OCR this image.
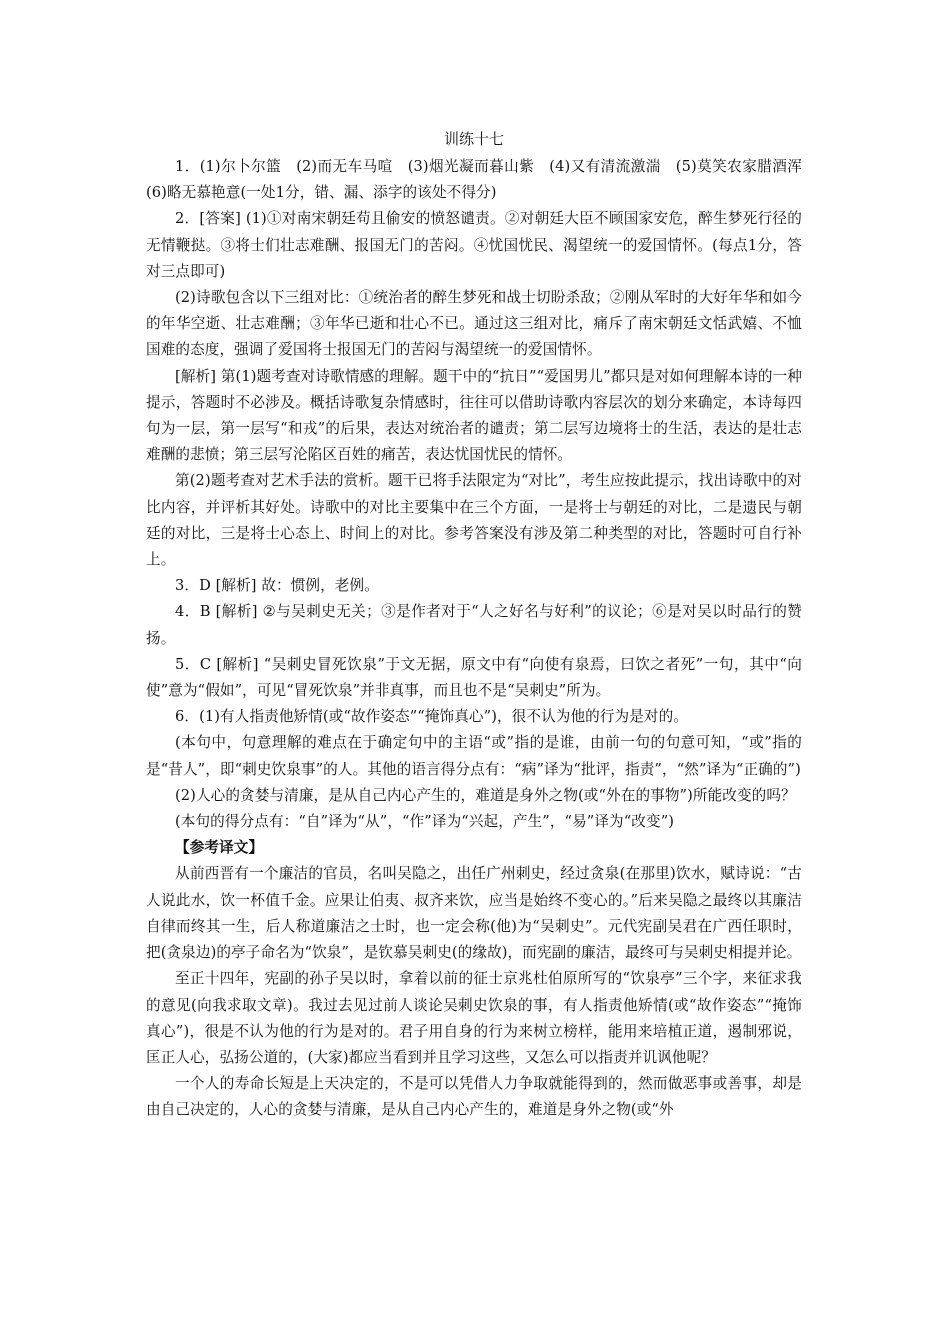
训练十七

1．(1)尔卜尔篮　(2)而无车马喧　(3)烟光凝而暮山紫　(4)又有清流激湍　(5)莫笑农家腊酒浑　(6)略无慕艳意(一处1分，错、漏、添字的该处不得分)

2．[答案] (1)①对南宋朝廷苟且偷安的愤怒谴责。②对朝廷大臣不顾国家安危，醉生梦死行径的无情鞭挞。③将士们壮志难酬、报国无门的苦闷。④忧国忧民、渴望统一的爱国情怀。(每点1分，答对三点即可)

(2)诗歌包含以下三组对比：①统治者的醉生梦死和战士切盼杀敌；②刚从军时的大好年华和如今的年华空逝、壮志难酬；③年华已逝和壮心不已。通过这三组对比，痛斥了南宋朝廷文恬武嬉、不恤国难的态度，强调了爱国将士报国无门的苦闷与渴望统一的爱国情怀。

[解析] 第(1)题考查对诗歌情感的理解。题干中的“抗日”“爱国男儿”都只是对如何理解本诗的一种提示，答题时不必涉及。概括诗歌复杂情感时，往往可以借助诗歌内容层次的划分来确定，本诗每四句为一层，第一层写“和戎”的后果，表达对统治者的谴责；第二层写边境将士的生活，表达的是壮志难酬的悲愤；第三层写沦陷区百姓的痛苦，表达忧国忧民的情怀。

第(2)题考查对艺术手法的赏析。题干已将手法限定为“对比”，考生应按此提示，找出诗歌中的对比内容，并评析其好处。诗歌中的对比主要集中在三个方面，一是将士与朝廷的对比，二是遗民与朝廷的对比，三是将士心态上、时间上的对比。参考答案没有涉及第二种类型的对比，答题时可自行补上。

3．D [解析] 故：惯例，老例。

4．B [解析] ②与吴刺史无关；③是作者对于“人之好名与好利”的议论；⑥是对吴以时品行的赞扬。

5．C [解析] “吴刺史冒死饮泉”于文无据，原文中有“向使有泉焉，曰饮之者死”一句，其中“向使”意为“假如”，可见“冒死饮泉”并非真事，而且也不是“吴刺史”所为。

6．(1)有人指责他矫情(或“故作姿态”“掩饰真心”)，很不认为他的行为是对的。

(本句中，句意理解的难点在于确定句中的主语“或”指的是谁，由前一句的句意可知，“或”指的是“昔人”，即“刺史饮泉事”的人。其他的语言得分点有：“病”译为“批评，指责”，“然”译为“正确的”)

(2)人心的贪婪与清廉，是从自己内心产生的，难道是身外之物(或“外在的事物”)所能改变的吗？

(本句的得分点有：“自”译为“从”，“作”译为“兴起，产生”，“易”译为“改变”)

【参考译文】

从前西晋有一个廉洁的官员，名叫吴隐之，出任广州刺史，经过贪泉(在那里)饮水，赋诗说：“古人说此水，饮一杯值千金。应果让伯夷、叔齐来饮，应当是始终不变心的。”后来吴隐之最终以其廉洁自律而终其一生，后人称道廉洁之士时，也一定会称(他)为“吴刺史”。元代宪副吴君在广西任职时，把(贪泉边)的亭子命名为“饮泉”，是钦慕吴刺史(的缘故)，而宪副的廉洁，最终可与吴刺史相提并论。

至正十四年，宪副的孙子吴以时，拿着以前的征士京兆杜伯原所写的“饮泉亭”三个字，来征求我的意见(向我求取文章)。我过去见过前人谈论吴刺史饮泉的事，有人指责他矫情(或“故作姿态”“掩饰真心”)，很是不认为他的行为是对的。君子用自身的行为来树立榜样，能用来培植正道，遏制邪说，匡正人心，弘扬公道的，(大家)都应当看到并且学习这些，又怎么可以指责并讥讽他呢？

一个人的寿命长短是上天决定的，不是可以凭借人力争取就能得到的，然而做恶事或善事，却是由自己决定的，人心的贪婪与清廉，是从自己内心产生的，难道是身外之物(或“外
